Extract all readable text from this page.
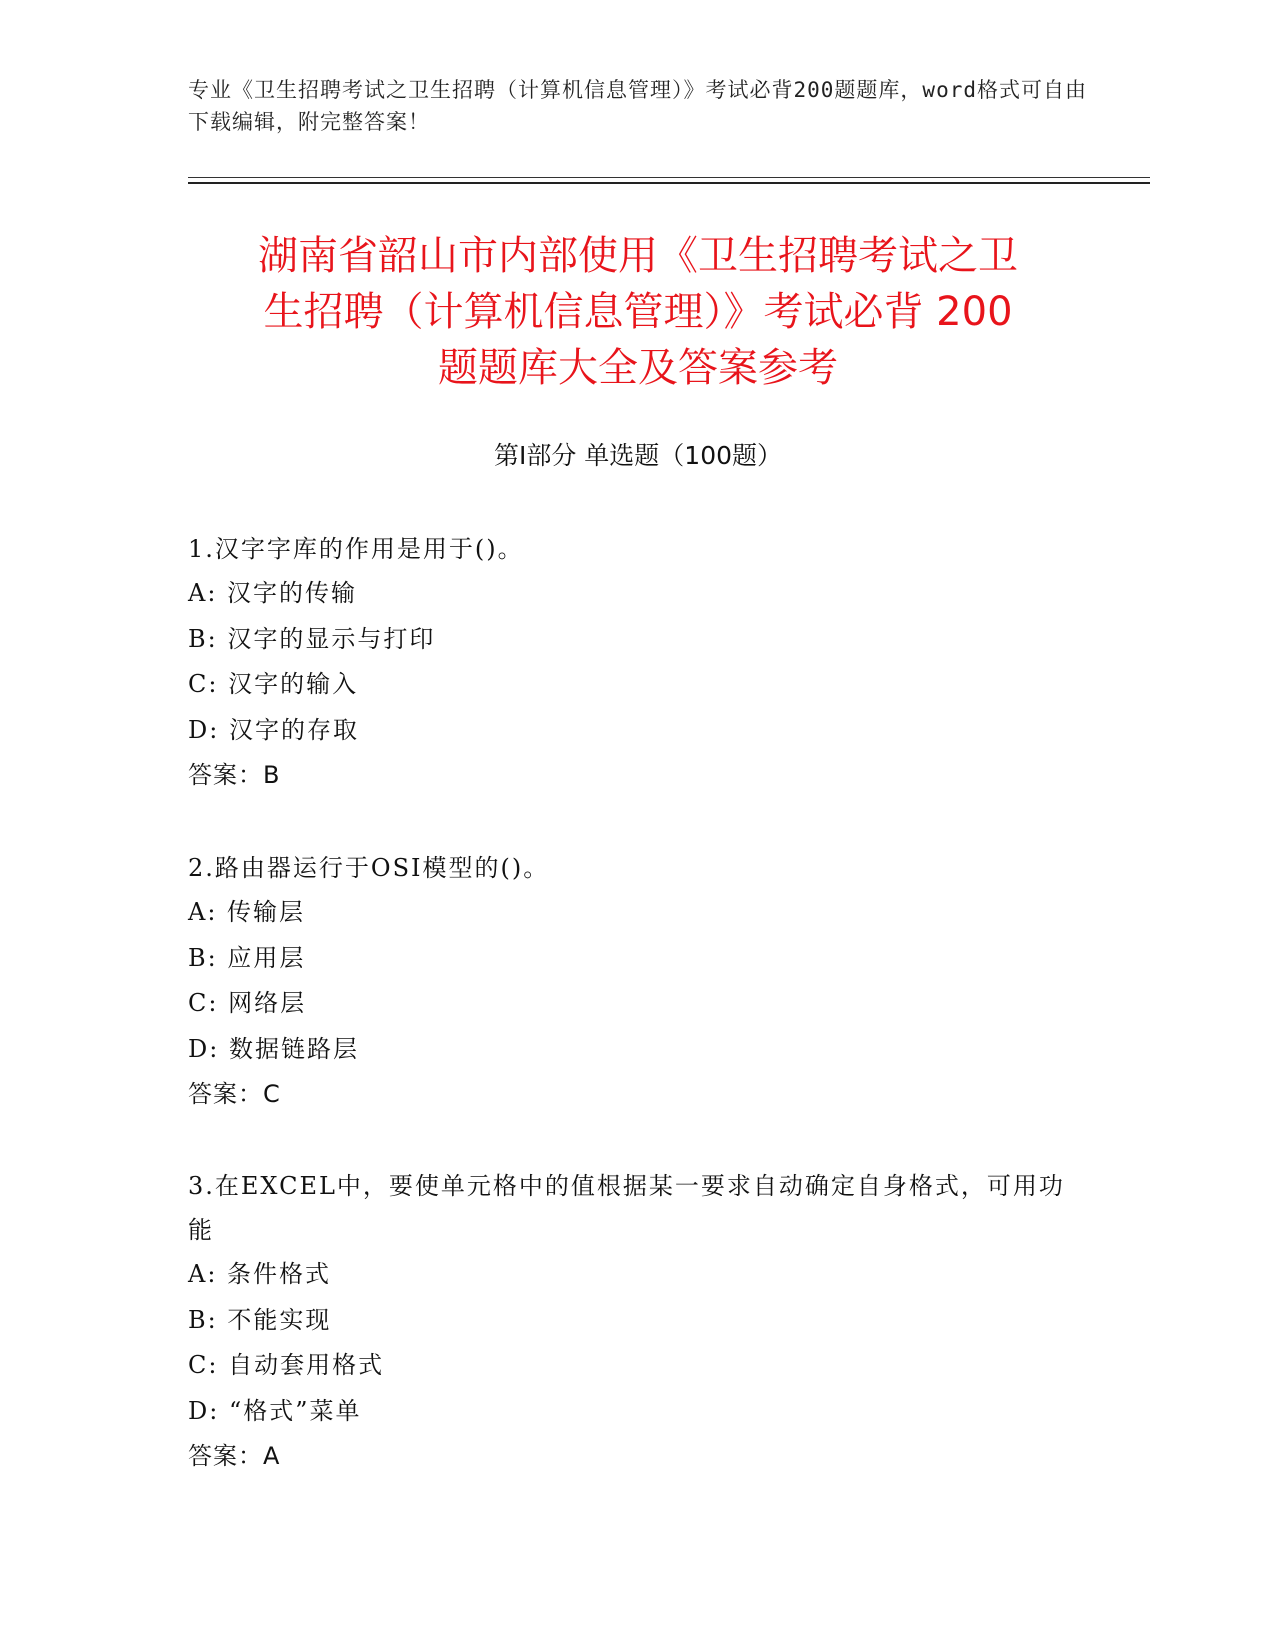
专业《卫生招聘考试之卫生招聘（计算机信息管理）》考试必背200题题库，word格式可自由下载编辑，附完整答案！
湖南省韶山市内部使用《卫生招聘考试之卫
生招聘（计算机信息管理）》考试必背 200
题题库大全及答案参考
第Ⅰ部分 单选题（100题）
1.汉字字库的作用是用于()。
A: 汉字的传输
B: 汉字的显示与打印
C: 汉字的输入
D: 汉字的存取
答案：B
2.路由器运行于OSI模型的()。
A: 传输层
B: 应用层
C: 网络层
D: 数据链路层
答案：C
3.在EXCEL中，要使单元格中的值根据某一要求自动确定自身格式，可用功能
A: 条件格式
B: 不能实现
C: 自动套用格式
D: “格式”菜单
答案：A
